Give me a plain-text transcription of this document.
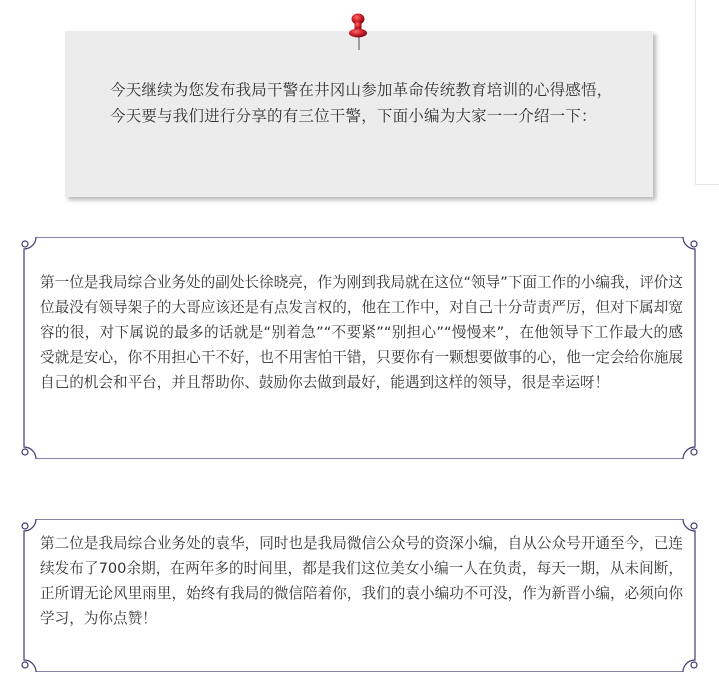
今天继续为您发布我局干警在井冈山参加革命传统教育培训的心得感悟，今天要与我们进行分享的有三位干警，下面小编为大家一一介绍一下：

第一位是我局综合业务处的副处长徐晓亮，作为刚到我局就在这位“领导”下面工作的小编我，评价这位最没有领导架子的大哥应该还是有点发言权的，他在工作中，对自己十分苛责严厉，但对下属却宽容的很，对下属说的最多的话就是“别着急”“不要紧”“别担心”“慢慢来”，在他领导下工作最大的感受就是安心，你不用担心干不好，也不用害怕干错，只要你有一颗想要做事的心，他一定会给你施展自己的机会和平台，并且帮助你、鼓励你去做到最好，能遇到这样的领导，很是幸运呀！

第二位是我局综合业务处的袁华，同时也是我局微信公众号的资深小编，自从公众号开通至今，已连续发布了700余期，在两年多的时间里，都是我们这位美女小编一人在负责，每天一期，从未间断，正所谓无论风里雨里，始终有我局的微信陪着你，我们的袁小编功不可没，作为新晋小编，必须向你学习，为你点赞！
